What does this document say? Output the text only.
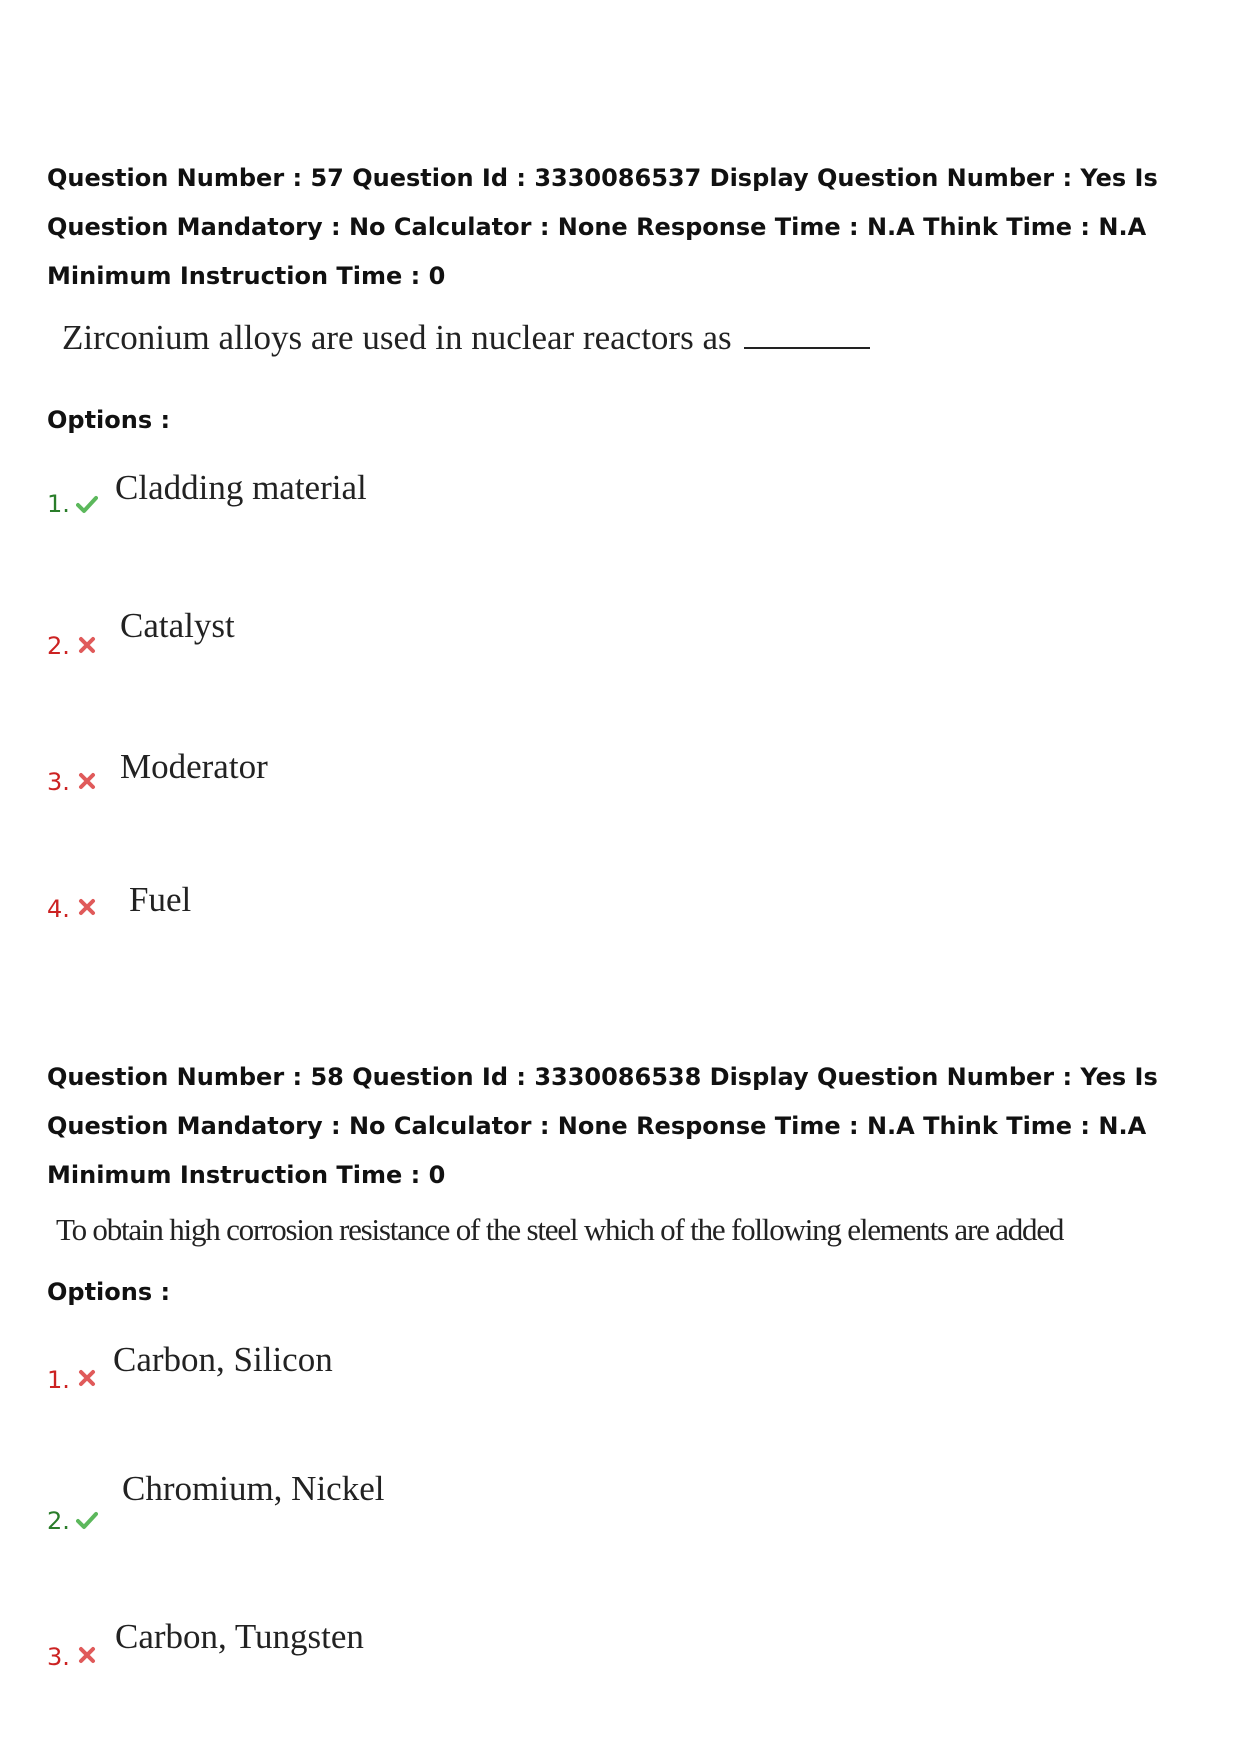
Question Number : 57 Question Id : 3330086537 Display Question Number : Yes Is Question Mandatory : No Calculator : None Response Time : N.A Think Time : N.A Minimum Instruction Time : 0

Zirconium alloys are used in nuclear reactors as

Options :

1. Cladding material
2.
Catalyst
3. Moderator
4. Fuel

Question Number : 58 Question Id : 3330086538 Display Question Number : Yes Is Question Mandatory : No Calculator : None Response Time : N.A Think Time : N.A Minimum Instruction Time : 0

To obtain high corrosion resistance of the steel which of the following elements are added

Options :

1.
Carbon, Silicon
2.
Chromium, Nickel
3.
Carbon, Tungsten
